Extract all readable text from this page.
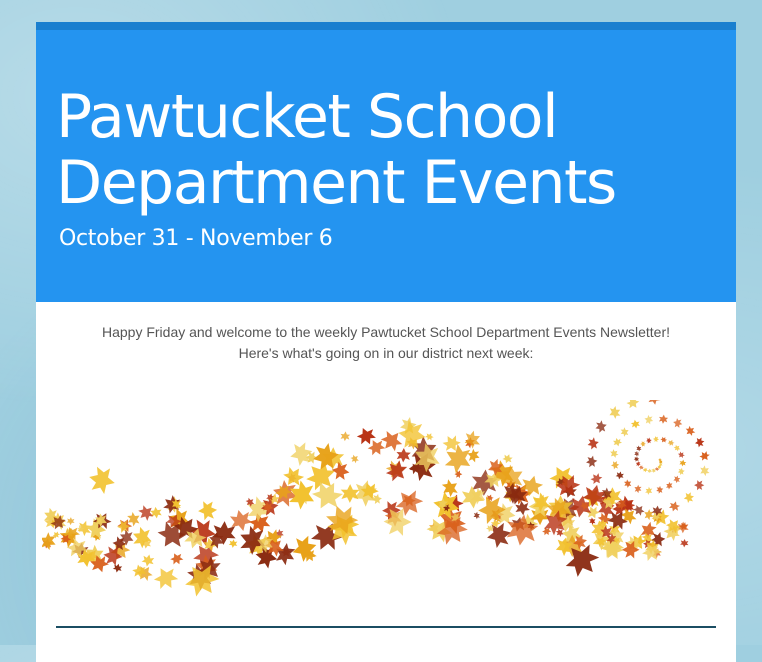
Pawtucket School Department Events
October 31 - November 6
Happy Friday and welcome to the weekly Pawtucket School Department Events Newsletter!
Here's what's going on in our district next week:
